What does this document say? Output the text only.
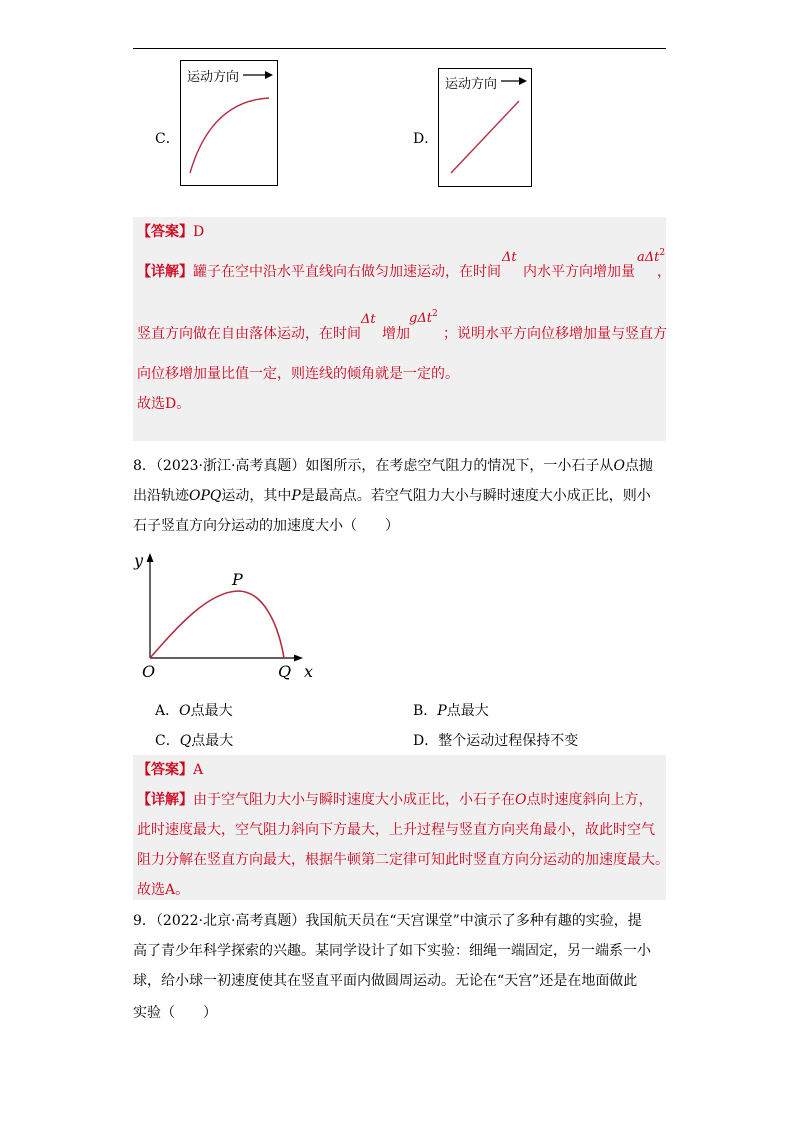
C．
运动方向
D．
运动方向
【答案】D
【详解】罐子在空中沿水平直线向右做匀加速运动，在时间
Δt
内水平方向增加量
aΔt$^2$
，
竖直方向做在自由落体运动，在时间
Δt
增加
gΔt$^2$
；说明水平方向位移增加量与竖直方
向位移增加量比值一定，则连线的倾角就是一定的。
故选D。
8．（2023·浙江·高考真题）如图所示，在考虑空气阻力的情况下，一小石子从O点抛
出沿轨迹OPQ运动，其中P是最高点。若空气阻力大小与瞬时速度大小成正比，则小
石子竖直方向分运动的加速度大小（　　）
y
P
O	Q x
A．O点最大	B．P点最大
C．Q点最大	D．整个运动过程保持不变
【答案】A
【详解】由于空气阻力大小与瞬时速度大小成正比，小石子在O点时速度斜向上方，
此时速度最大，空气阻力斜向下方最大，上升过程与竖直方向夹角最小，故此时空气
阻力分解在竖直方向最大，根据牛顿第二定律可知此时竖直方向分运动的加速度最大。
故选A。
9．（2022·北京·高考真题）我国航天员在“天宫课堂”中演示了多种有趣的实验，提
高了青少年科学探索的兴趣。某同学设计了如下实验：细绳一端固定，另一端系一小
球，给小球一初速度使其在竖直平面内做圆周运动。无论在“天宫”还是在地面做此
实验（　　）
